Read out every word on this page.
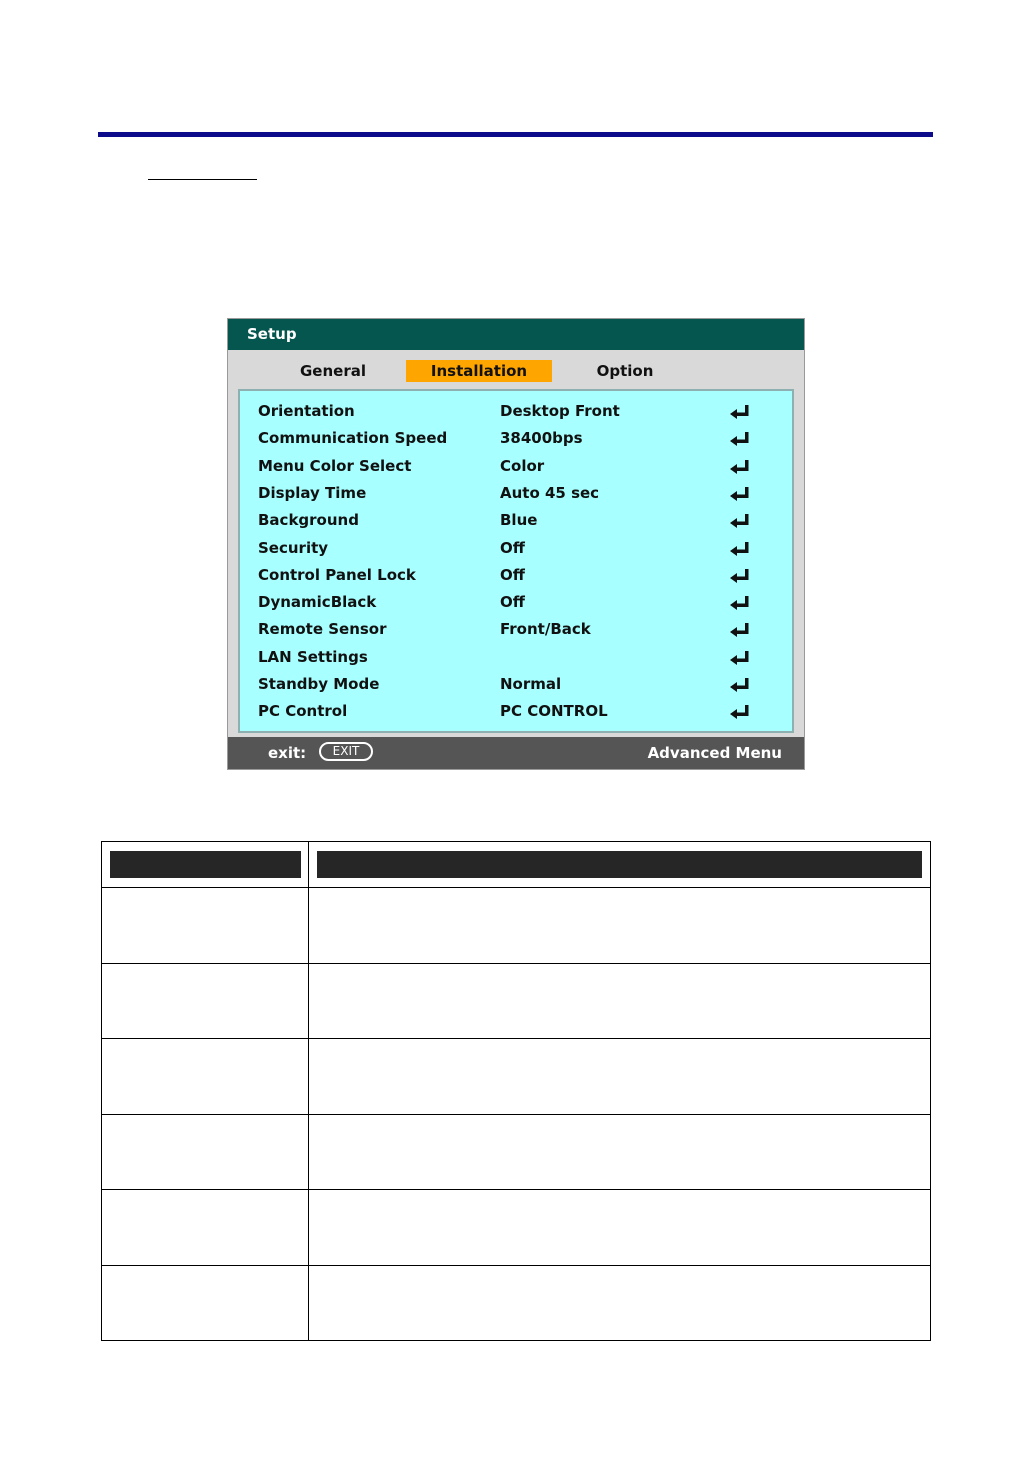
Setup
General	Installation	Option
Orientation	Desktop Front
Communication Speed	38400bps
Menu Color Select	Color
Display Time	Auto 45 sec
Background	Blue
Security	Off
Control Panel Lock	Off
DynamicBlack	Off
Remote Sensor	Front/Back
LAN Settings
Standby Mode	Normal
PC Control	PC CONTROL
exit:	EXIT	Advanced Menu
